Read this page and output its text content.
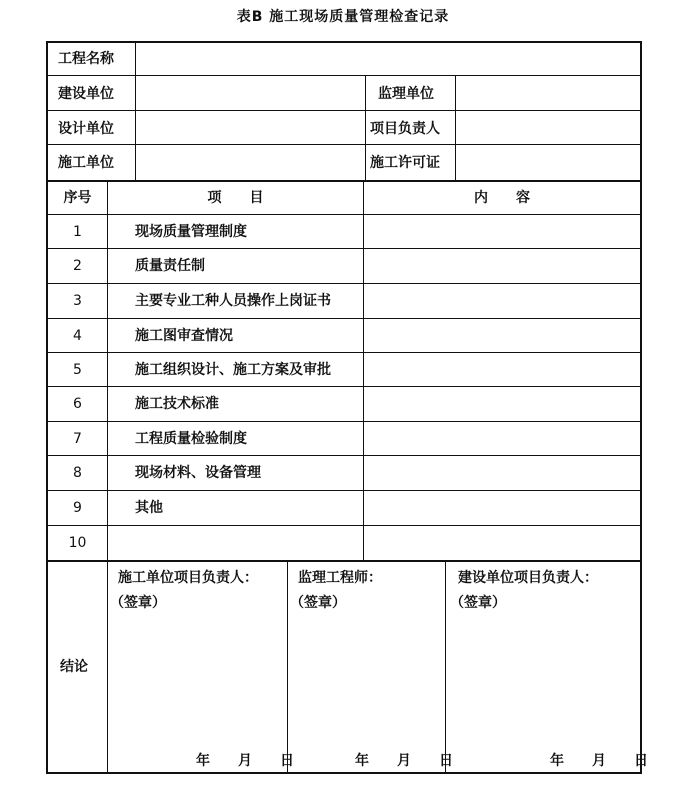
表B 施工现场质量管理检查记录
工程名称
建设单位	监理单位
设计单位	项目负责人
施工单位	施工许可证
序号	项　　目	内　　容
1	现场质量管理制度
2	质量责任制
3	主要专业工种人员操作上岗证书
4	施工图审查情况
5	施工组织设计、施工方案及审批
6	施工技术标准
7	工程质量检验制度
8	现场材料、设备管理
9	其他
10
结论
施工单位项目负责人：
（签章）
年　　月　　日
监理工程师：
（签章）
年　　月　　日
建设单位项目负责人：
（签章）
年　　月　　日
